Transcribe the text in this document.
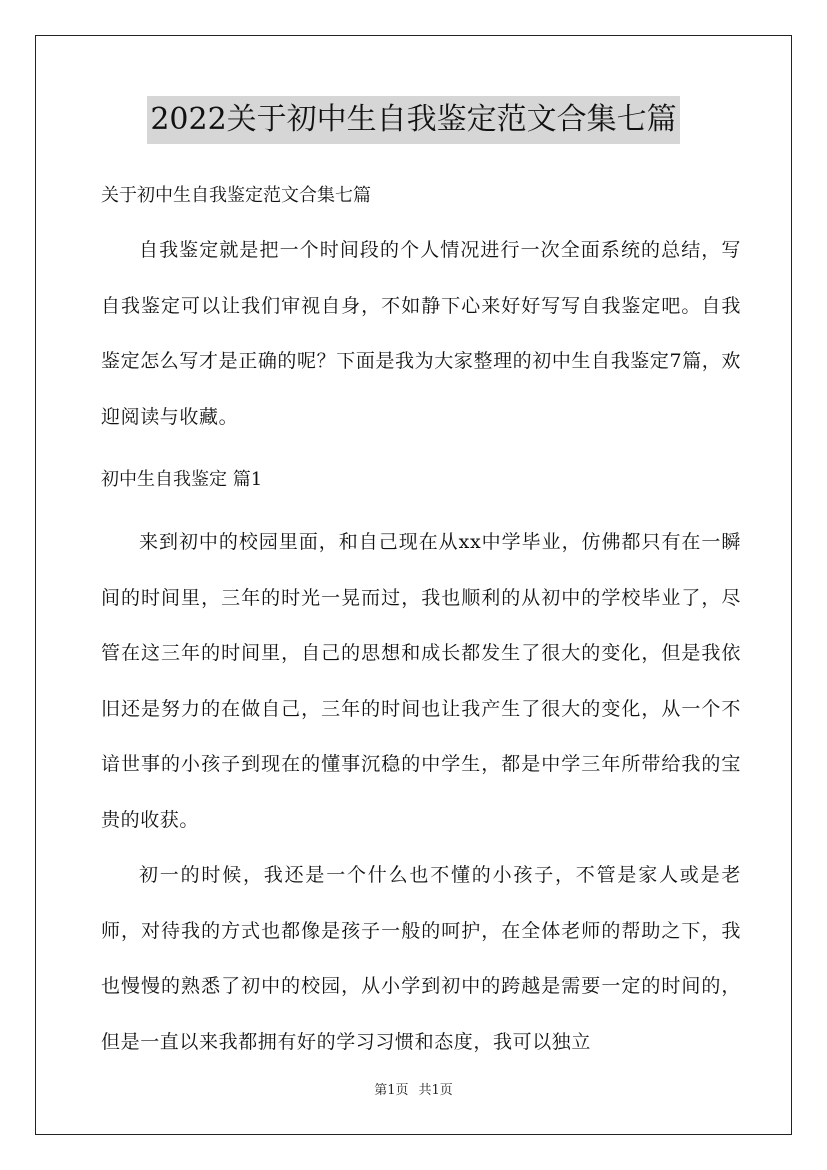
2022关于初中生自我鉴定范文合集七篇

关于初中生自我鉴定范文合集七篇

自我鉴定就是把一个时间段的个人情况进行一次全面系统的总结，写自我鉴定可以让我们审视自身，不如静下心来好好写写自我鉴定吧。自我鉴定怎么写才是正确的呢？下面是我为大家整理的初中生自我鉴定7篇，欢迎阅读与收藏。

初中生自我鉴定 篇1

来到初中的校园里面，和自己现在从xx中学毕业，仿佛都只有在一瞬间的时间里，三年的时光一晃而过，我也顺利的从初中的学校毕业了，尽管在这三年的时间里，自己的思想和成长都发生了很大的变化，但是我依旧还是努力的在做自己，三年的时间也让我产生了很大的变化，从一个不谙世事的小孩子到现在的懂事沉稳的中学生，都是中学三年所带给我的宝贵的收获。

初一的时候，我还是一个什么也不懂的小孩子，不管是家人或是老师，对待我的方式也都像是孩子一般的呵护，在全体老师的帮助之下，我也慢慢的熟悉了初中的校园，从小学到初中的跨越是需要一定的时间的，但是一直以来我都拥有好的学习习惯和态度，我可以独立

第1页 共1页
